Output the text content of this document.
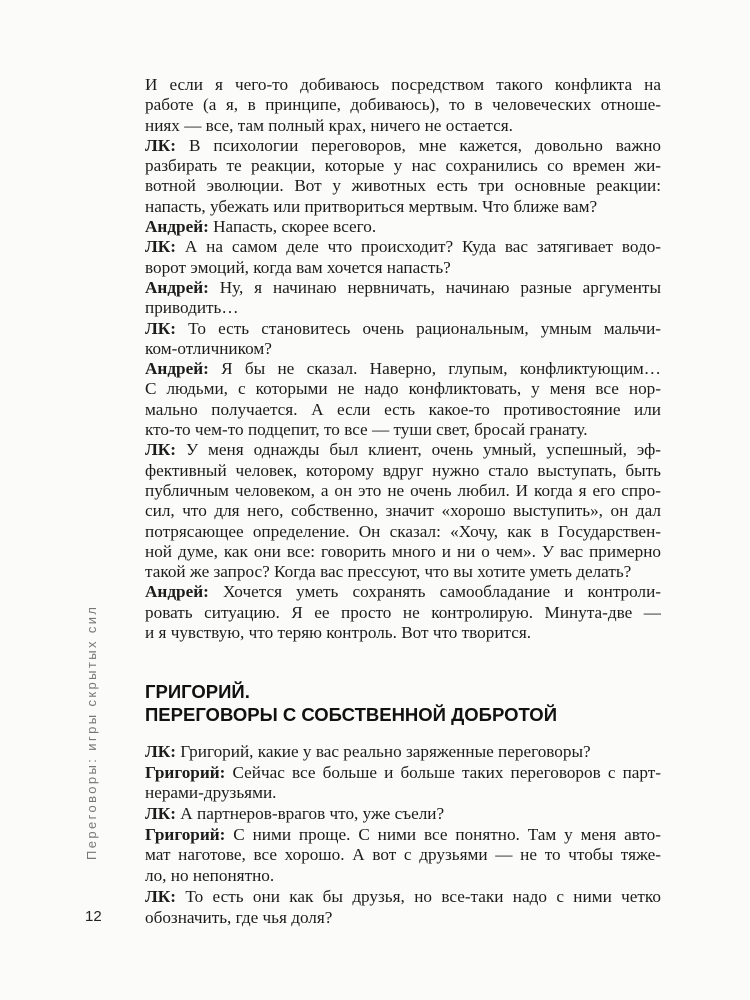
Переговоры: игры скрытых сил
12
И если я чего-то добиваюсь посредством такого конфликта на
работе (а я, в принципе, добиваюсь), то в человеческих отноше-
ниях — все, там полный крах, ничего не остается.
ЛК: В психологии переговоров, мне кажется, довольно важно
разбирать те реакции, которые у нас сохранились со времен жи-
вотной эволюции. Вот у животных есть три основные реакции:
напасть, убежать или притвориться мертвым. Что ближе вам?
Андрей: Напасть, скорее всего.
ЛК: А на самом деле что происходит? Куда вас затягивает водо-
ворот эмоций, когда вам хочется напасть?
Андрей: Ну, я начинаю нервничать, начинаю разные аргументы
приводить…
ЛК: То есть становитесь очень рациональным, умным мальчи-
ком-отличником?
Андрей: Я бы не сказал. Наверно, глупым, конфликтующим…
С людьми, с которыми не надо конфликтовать, у меня все нор-
мально получается. А если есть какое-то противостояние или
кто-то чем-то подцепит, то все — туши свет, бросай гранату.
ЛК: У меня однажды был клиент, очень умный, успешный, эф-
фективный человек, которому вдруг нужно стало выступать, быть
публичным человеком, а он это не очень любил. И когда я его спро-
сил, что для него, собственно, значит «хорошо выступить», он дал
потрясающее определение. Он сказал: «Хочу, как в Государствен-
ной думе, как они все: говорить много и ни о чем». У вас примерно
такой же запрос? Когда вас прессуют, что вы хотите уметь делать?
Андрей: Хочется уметь сохранять самообладание и контроли-
ровать ситуацию. Я ее просто не контролирую. Минута-две —
и я чувствую, что теряю контроль. Вот что творится.
ГРИГОРИЙ.
ПЕРЕГОВОРЫ С СОБСТВЕННОЙ ДОБРОТОЙ
ЛК: Григорий, какие у вас реально заряженные переговоры?
Григорий: Сейчас все больше и больше таких переговоров с парт-
нерами-друзьями.
ЛК: А партнеров-врагов что, уже съели?
Григорий: С ними проще. С ними все понятно. Там у меня авто-
мат наготове, все хорошо. А вот с друзьями — не то чтобы тяже-
ло, но непонятно.
ЛК: То есть они как бы друзья, но все-таки надо с ними четко
обозначить, где чья доля?
